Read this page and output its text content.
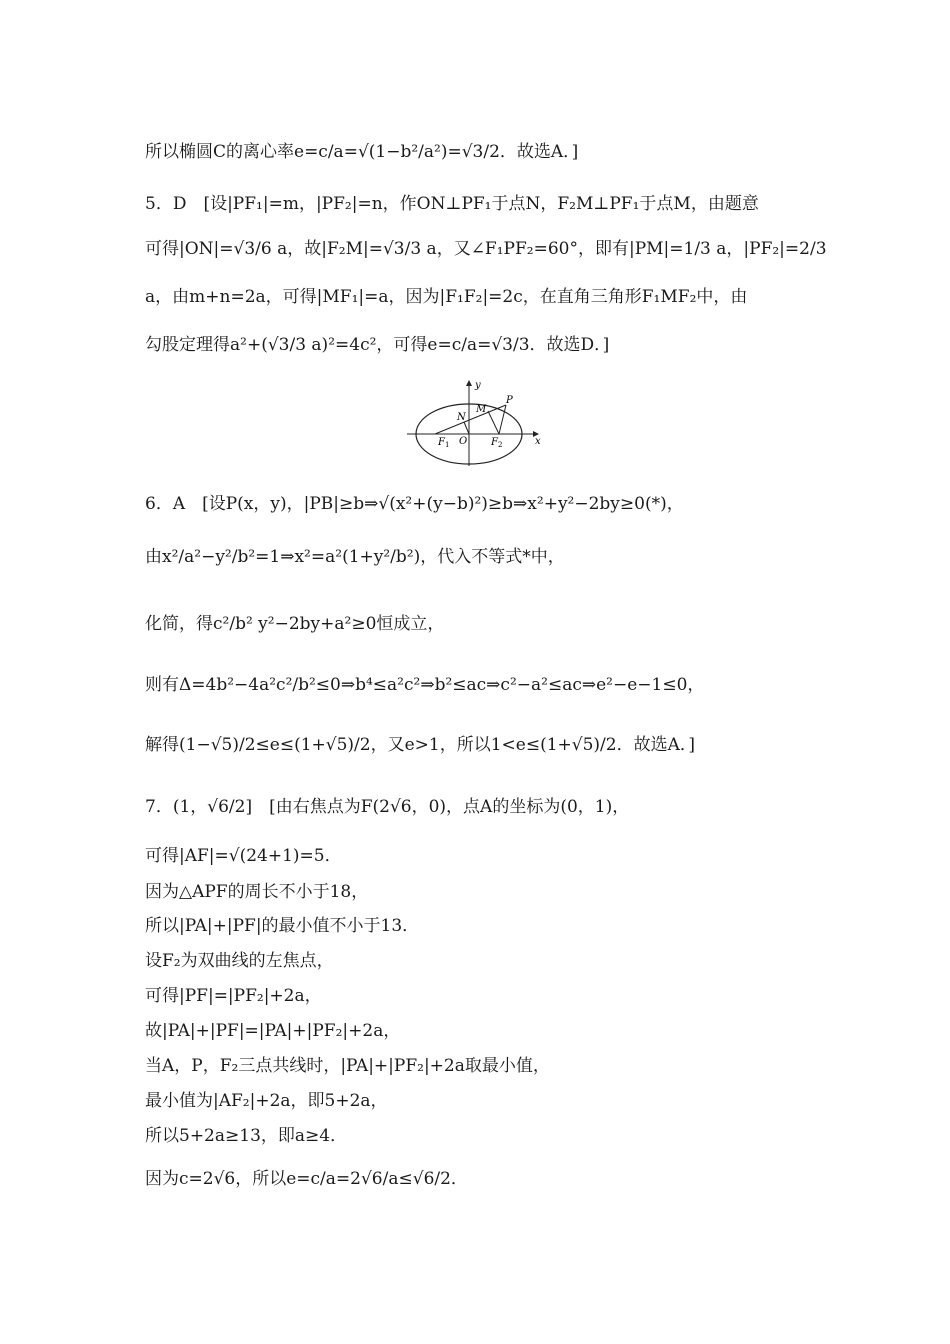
所以椭圆C的离心率e=c/a=√(1−b²/a²)=√3/2．故选A．]
5．D　[设|PF₁|=m，|PF₂|=n，作ON⊥PF₁于点N，F₂M⊥PF₁于点M，由题意
可得|ON|=√3/6 a，故|F₂M|=√3/3 a，又∠F₁PF₂=60°，即有|PM|=1/3 a，|PF₂|=2/3
a，由m+n=2a，可得|MF₁|=a，因为|F₁F₂|=2c，在直角三角形F₁MF₂中，由
勾股定理得a²+(√3/3 a)²=4c²，可得e=c/a=√3/3．故选D．]
y
x
P
M
N
O
F 1	F 2
6．A　[设P(x，y)，|PB|≥b⇒√(x²+(y−b)²)≥b⇒x²+y²−2by≥0(*)，
由x²/a²−y²/b²=1⇒x²=a²(1+y²/b²)，代入不等式*中，
化简，得c²/b² y²−2by+a²≥0恒成立，
则有Δ=4b²−4a²c²/b²≤0⇒b⁴≤a²c²⇒b²≤ac⇒c²−a²≤ac⇒e²−e−1≤0，
解得(1−√5)/2≤e≤(1+√5)/2，又e>1，所以1<e≤(1+√5)/2．故选A．]
7．(1，√6/2]　[由右焦点为F(2√6，0)，点A的坐标为(0，1)，
可得|AF|=√(24+1)=5．
因为△APF的周长不小于18，
所以|PA|+|PF|的最小值不小于13．
设F₂为双曲线的左焦点，
可得|PF|=|PF₂|+2a，
故|PA|+|PF|=|PA|+|PF₂|+2a，
当A，P，F₂三点共线时，|PA|+|PF₂|+2a取最小值，
最小值为|AF₂|+2a，即5+2a，
所以5+2a≥13，即a≥4．
因为c=2√6，所以e=c/a=2√6/a≤√6/2．
